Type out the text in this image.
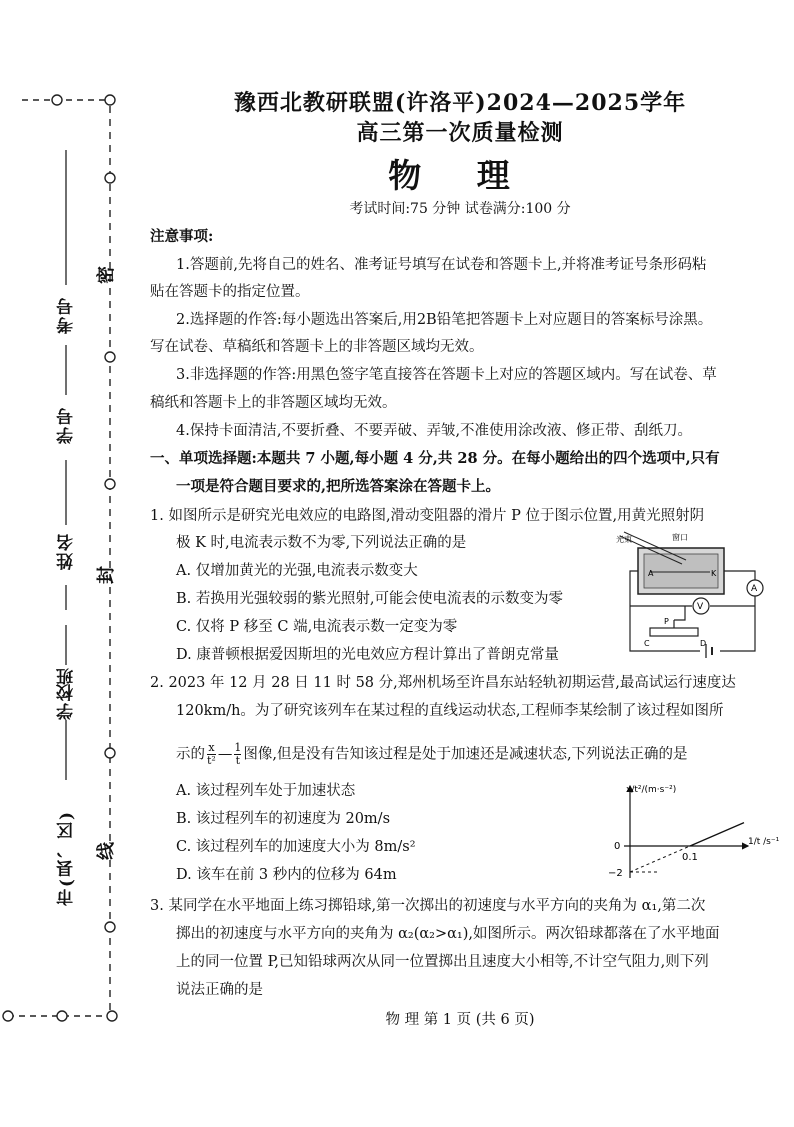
考号
学号
姓名
班
学校
市(县、区)
密
封
线
豫西北教研联盟(许洛平)2024—2025学年
高三第一次质量检测
物 理
考试时间:75 分钟 试卷满分:100 分
注意事项:
1.答题前,先将自己的姓名、准考证号填写在试卷和答题卡上,并将准考证号条形码粘
贴在答题卡的指定位置。
2.选择题的作答:每小题选出答案后,用2B铅笔把答题卡上对应题目的答案标号涂黑。
写在试卷、草稿纸和答题卡上的非答题区域均无效。
3.非选择题的作答:用黑色签字笔直接答在答题卡上对应的答题区域内。写在试卷、草
稿纸和答题卡上的非答题区域均无效。
4.保持卡面清洁,不要折叠、不要弄破、弄皱,不准使用涂改液、修正带、刮纸刀。
一、单项选择题:本题共 7 小题,每小题 4 分,共 28 分。在每小题给出的四个选项中,只有
一项是符合题目要求的,把所选答案涂在答题卡上。
1. 如图所示是研究光电效应的电路图,滑动变阻器的滑片 P 位于图示位置,用黄光照射阴
极 K 时,电流表示数不为零,下列说法正确的是
A. 仅增加黄光的光强,电流表示数变大
B. 若换用光强较弱的紫光照射,可能会使电流表的示数变为零
C. 仅将 P 移至 C 端,电流表示数一定变为零
D. 康普顿根据爱因斯坦的光电效应方程计算出了普朗克常量
光束	窗口
A	K
V
A
P
C	D
2. 2023 年 12 月 28 日 11 时 58 分,郑州机场至许昌东站轻轨初期运营,最高试运行速度达
120km/h。为了研究该列车在某过程的直线运动状态,工程师李某绘制了该过程如图所
示的 $\frac{x}{\text{t²}}$ — $\frac{1}{t}$ 图像,但是没有告知该过程是处于加速还是减速状态,下列说法正确的是
A. 该过程列车处于加速状态
B. 该过程列车的初速度为 20m/s
C. 该过程列车的加速度大小为 8m/s²
D. 该车在前 3 秒内的位移为 64m
x/t²/(m·s⁻²)
1/t /s⁻¹
0
0.1
−2
3. 某同学在水平地面上练习掷铅球,第一次掷出的初速度与水平方向的夹角为 α₁,第二次
掷出的初速度与水平方向的夹角为 α₂(α₂>α₁),如图所示。两次铅球都落在了水平地面
上的同一位置 P,已知铅球两次从同一位置掷出且速度大小相等,不计空气阻力,则下列
说法正确的是
物 理 第 1 页 (共 6 页)
